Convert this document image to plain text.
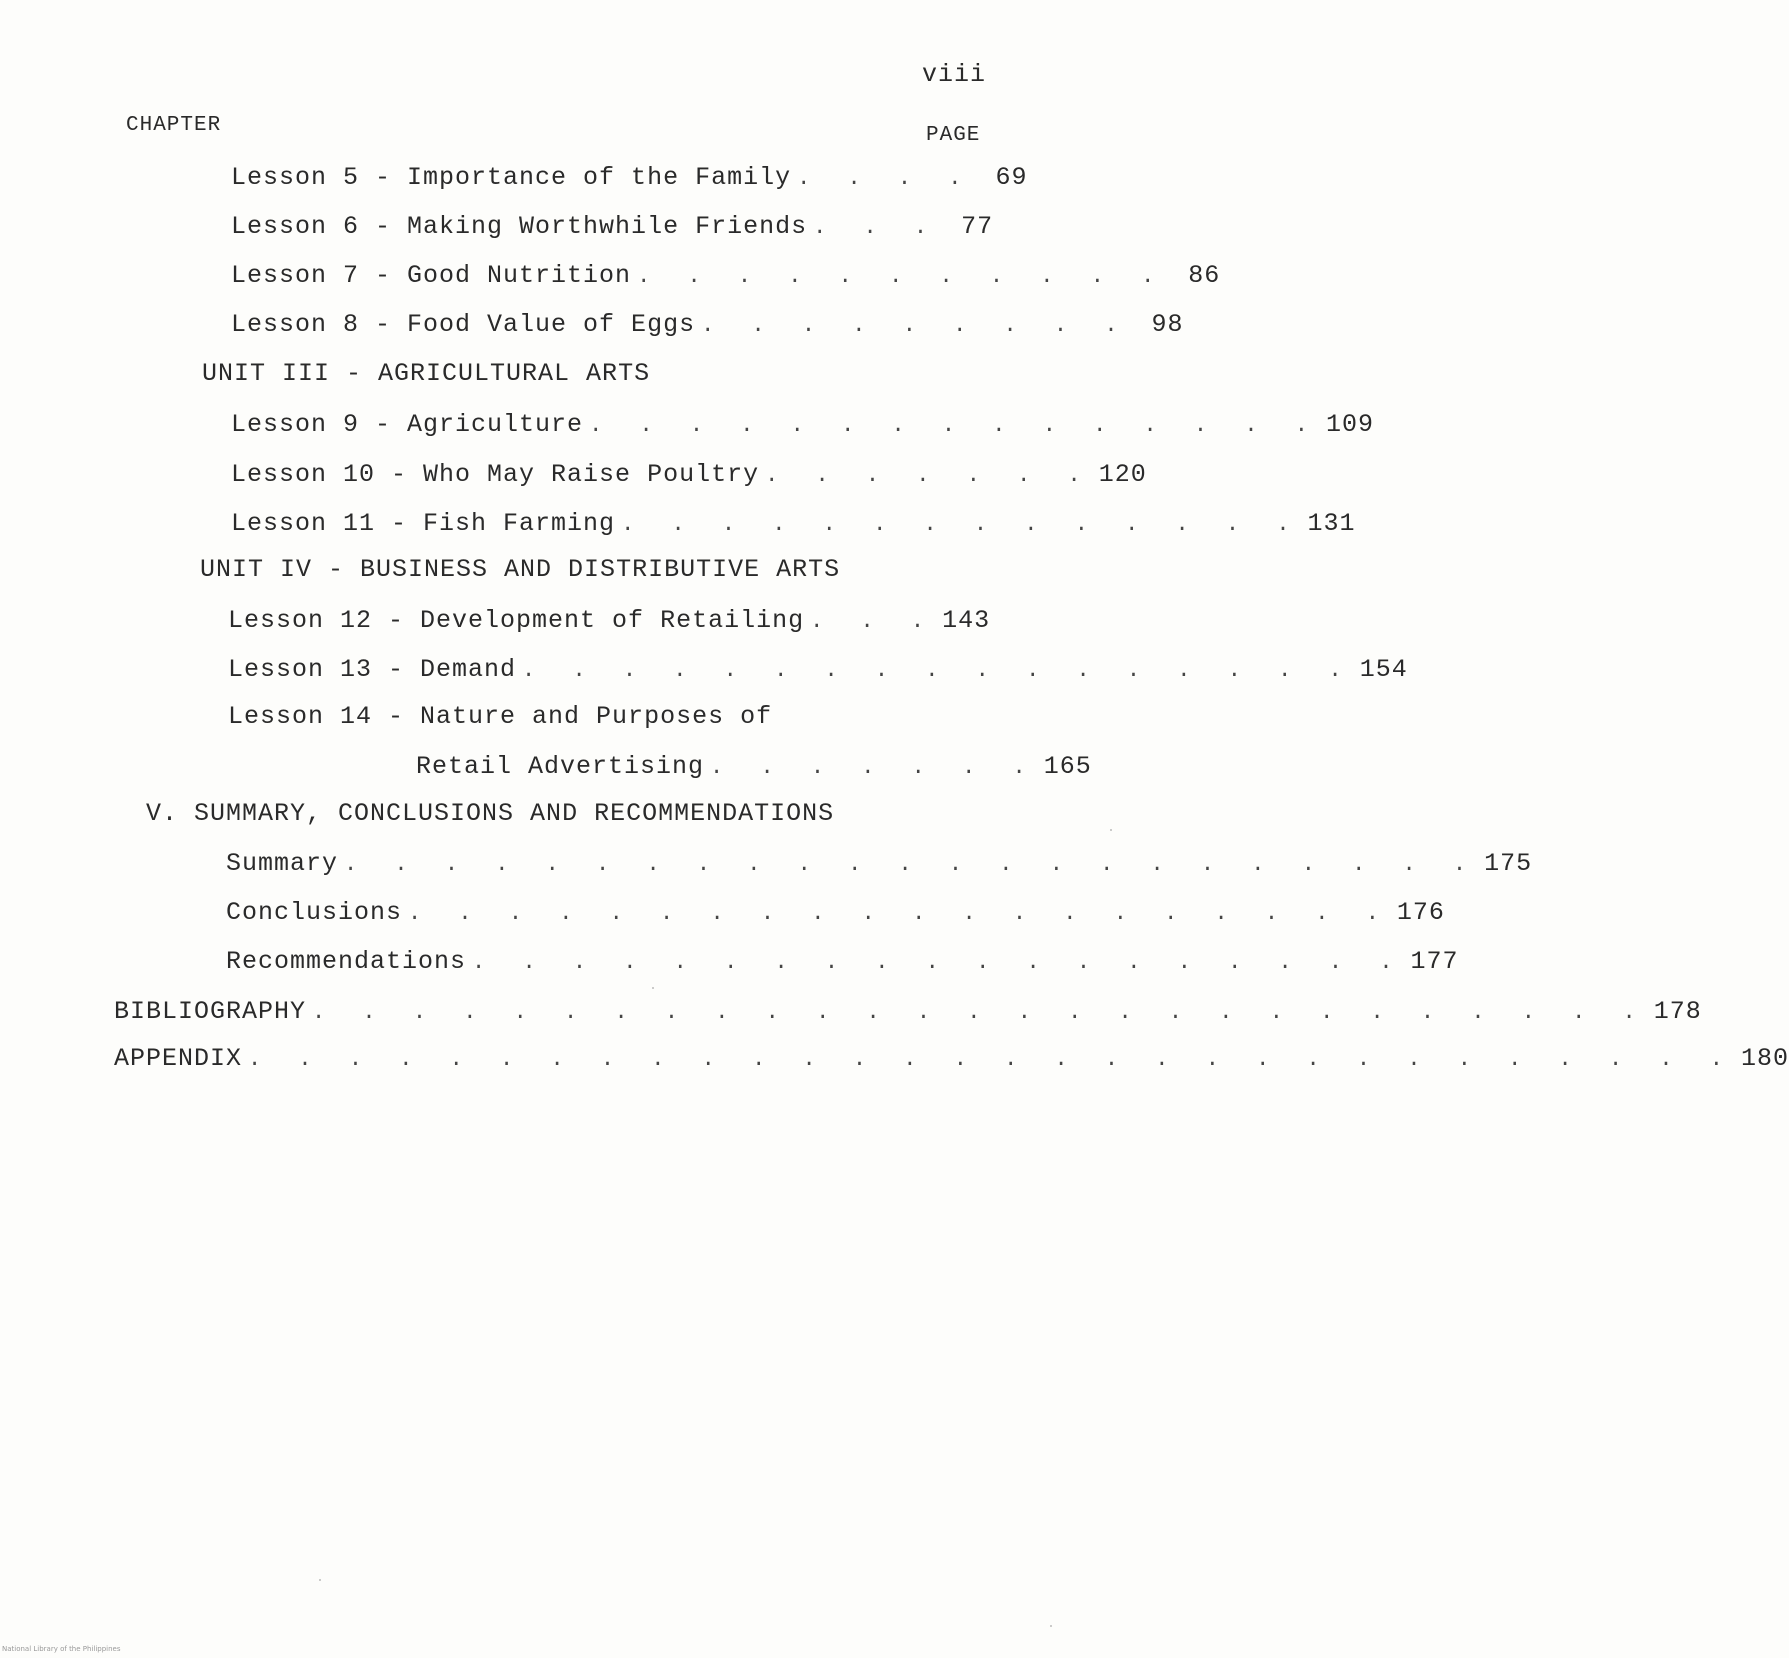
viii
CHAPTER	PAGE
Lesson 5 - Importance of the Family . . . . 69
Lesson 6 - Making Worthwhile Friends . . . 77
Lesson 7 - Good Nutrition . . . . . . . . . . . 86
Lesson 8 - Food Value of Eggs . . . . . . . . . 98
UNIT III - AGRICULTURAL ARTS
Lesson 9 - Agriculture . . . . . . . . . . . . . . . 109
Lesson 10 - Who May Raise Poultry . . . . . . . 120
Lesson 11 - Fish Farming . . . . . . . . . . . . . . 131
UNIT IV - BUSINESS AND DISTRIBUTIVE ARTS
Lesson 12 - Development of Retailing . . . 143
Lesson 13 - Demand . . . . . . . . . . . . . . . . . 154
Lesson 14 - Nature and Purposes of
Retail Advertising . . . . . . . 165
V. SUMMARY, CONCLUSIONS AND RECOMMENDATIONS
Summary . . . . . . . . . . . . . . . . . . . . . . . 175
Conclusions . . . . . . . . . . . . . . . . . . . . 176
Recommendations . . . . . . . . . . . . . . . . . . . 177
BIBLIOGRAPHY . . . . . . . . . . . . . . . . . . . . . . . . . . . 178
APPENDIX . . . . . . . . . . . . . . . . . . . . . . . . . . . . . . 180
National Library of the Philippines
